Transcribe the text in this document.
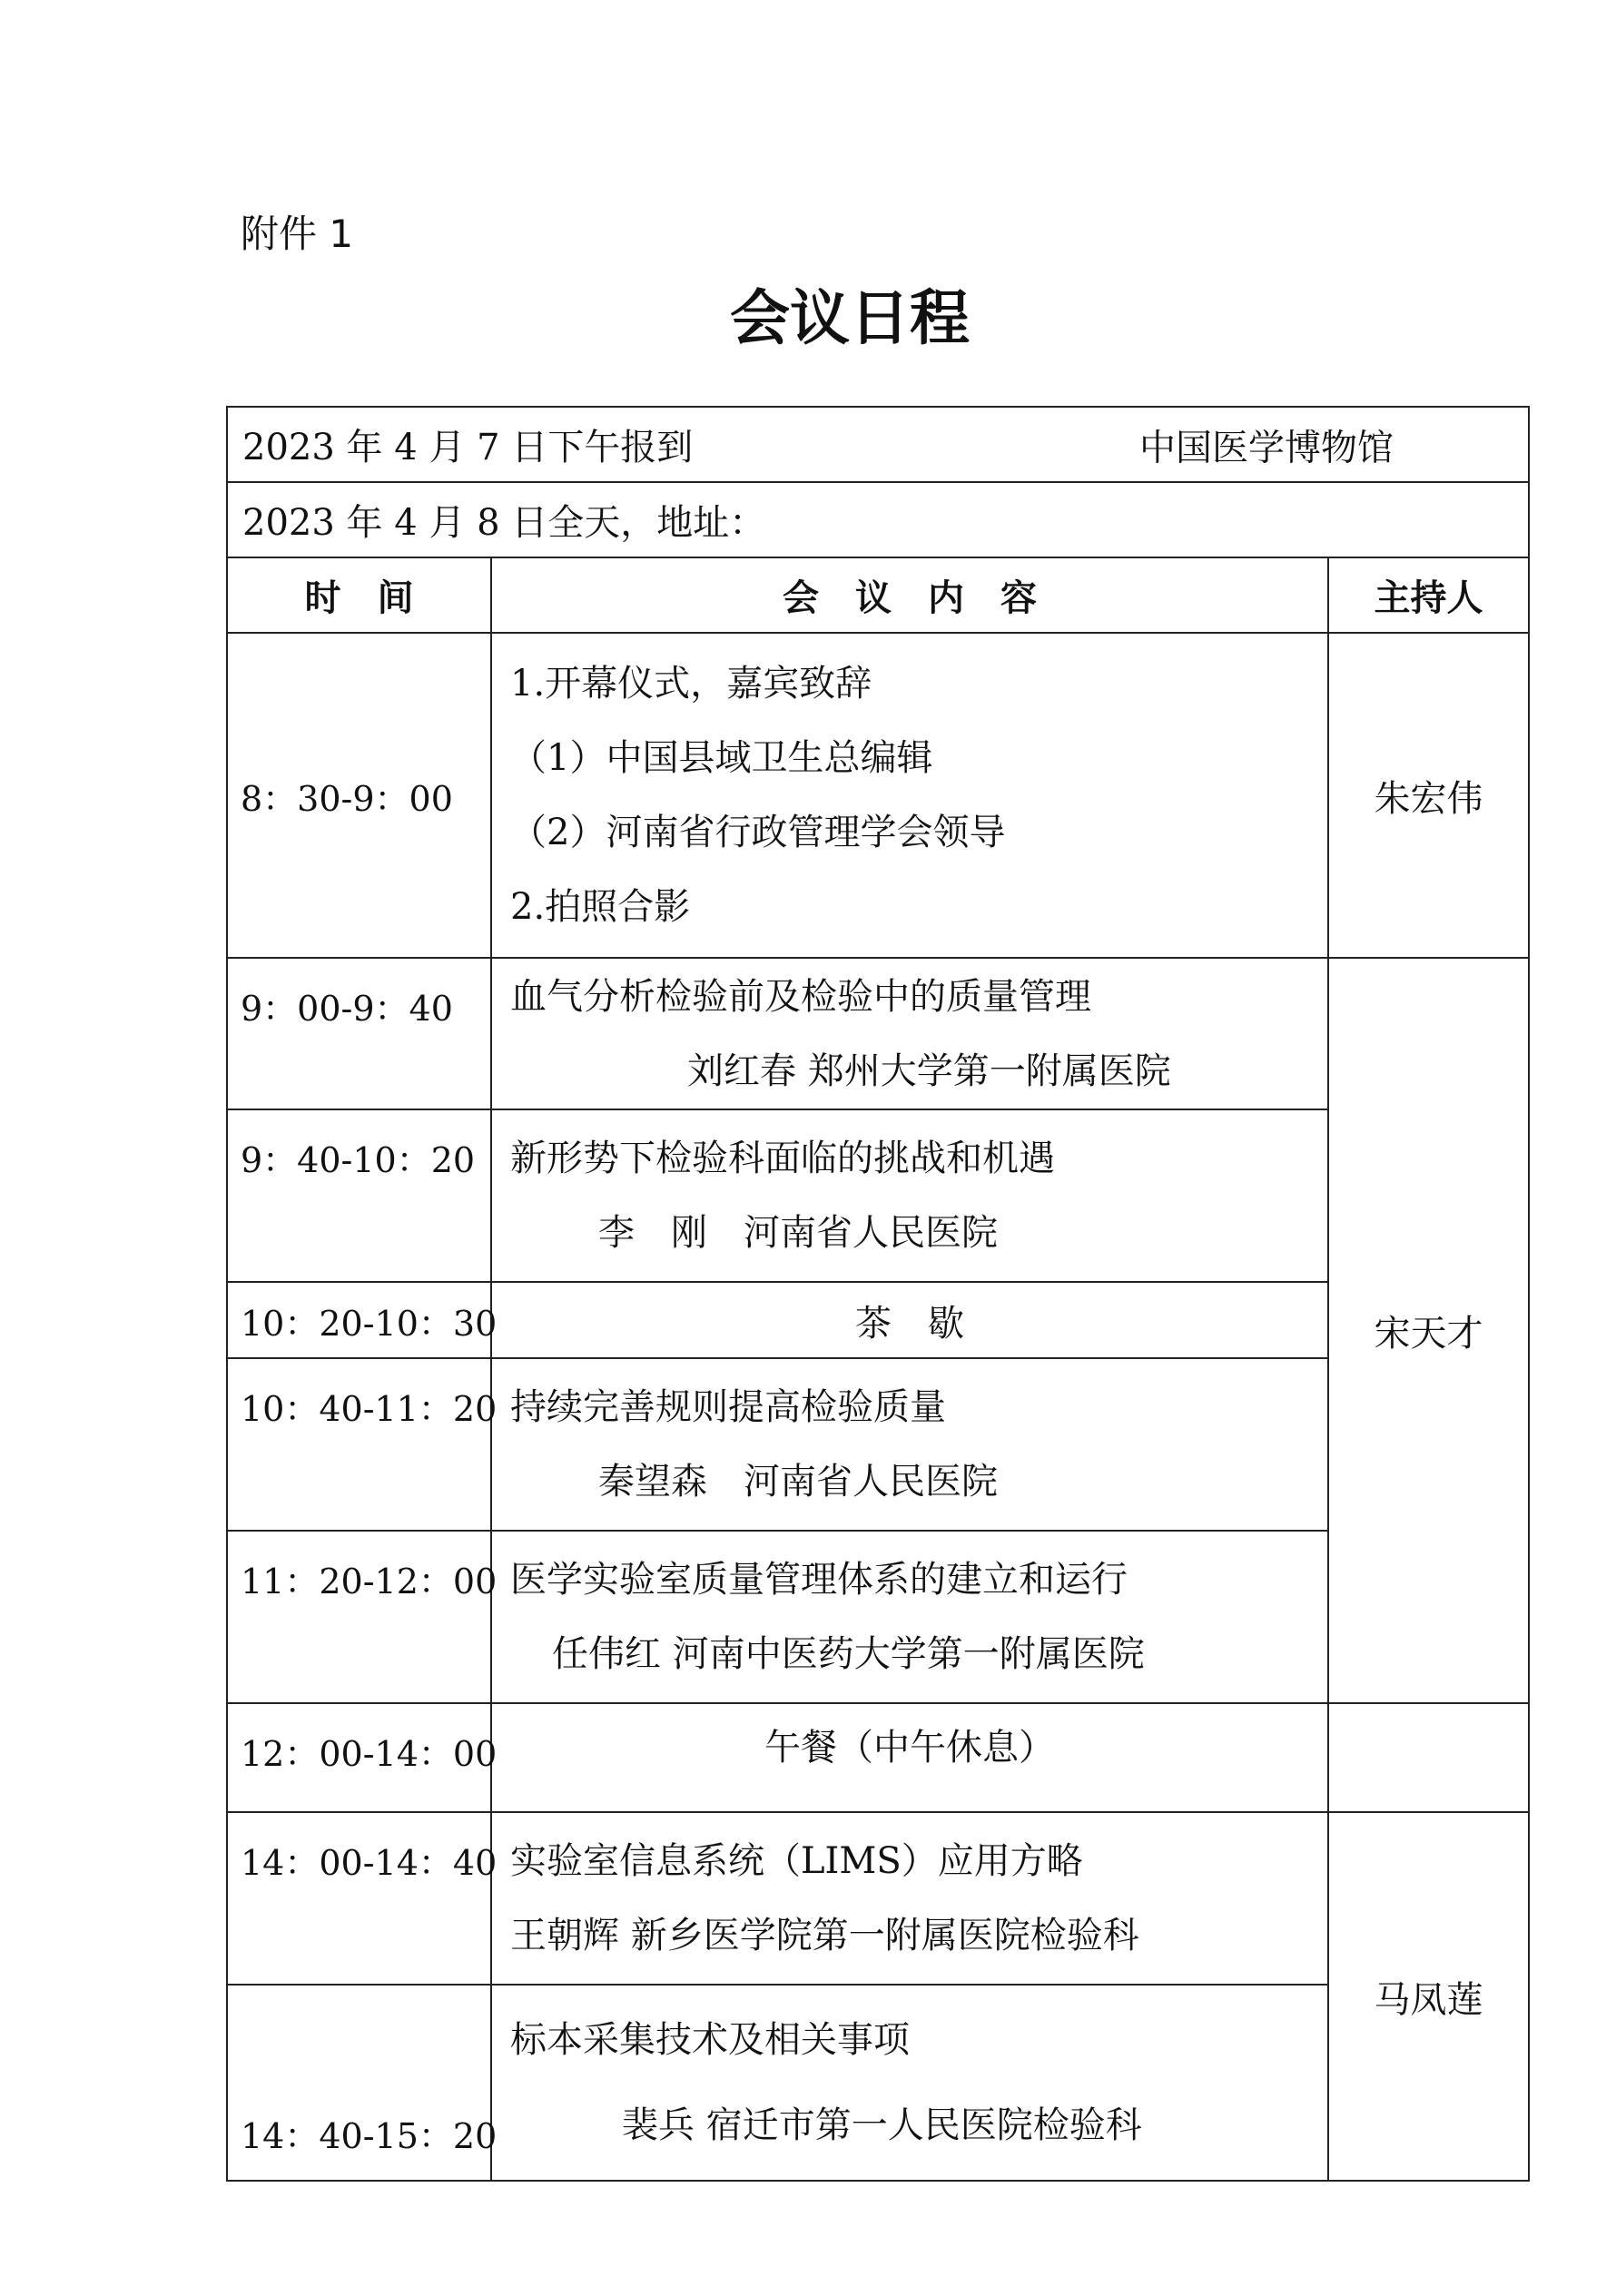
附件 1
会议日程
2023 年 4 月 7 日下午报到 中国医学博物馆		

2023 年 4 月 8 日全天，地址：		
时　间	会　议　内　容	主持人
8：30-9：00	1.开幕仪式，嘉宾致辞
（1）中国县域卫生总编辑
（2）河南省行政管理学会领导
2.拍照合影	朱宏伟
9：00-9：40	血气分析检验前及检验中的质量管理
刘红春 郑州大学第一附属医院	宋天才
9：40-10：20	新形势下检验科面临的挑战和机遇
李　刚　河南省人民医院	

10：20-10：30	茶　歇	
10：40-11：20	持续完善规则提高检验质量
秦望森　河南省人民医院	

11：20-12：00	医学实验室质量管理体系的建立和运行
任伟红 河南中医药大学第一附属医院	

12：00-14：00	午餐（中午休息）	
14：00-14：40	实验室信息系统（LIMS）应用方略
王朝辉 新乡医学院第一附属医院检验科	马凤莲
14：40-15：20	标本采集技术及相关事项
裴兵 宿迁市第一人民医院检验科	
